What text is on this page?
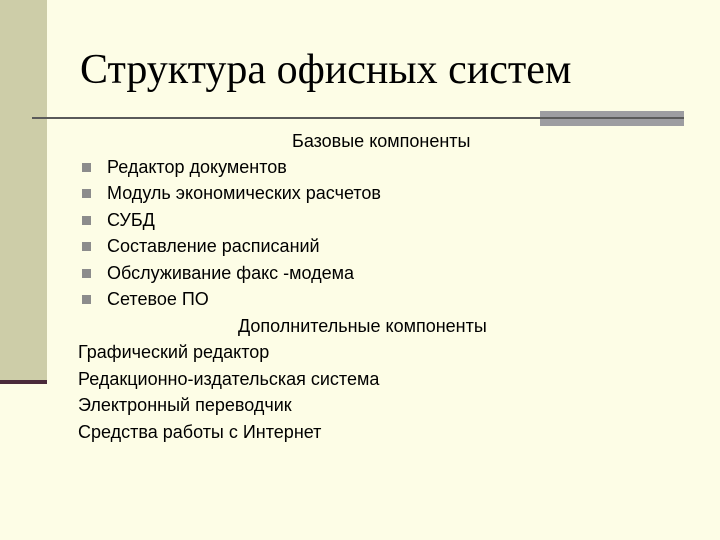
Структура офисных систем
Базовые компоненты
Редактор документов
Модуль экономических расчетов
СУБД
Составление расписаний
Обслуживание факс -модема
Сетевое ПО
Дополнительные компоненты
Графический редактор
Редакционно-издательская система
Электронный переводчик
Средства работы с Интернет
